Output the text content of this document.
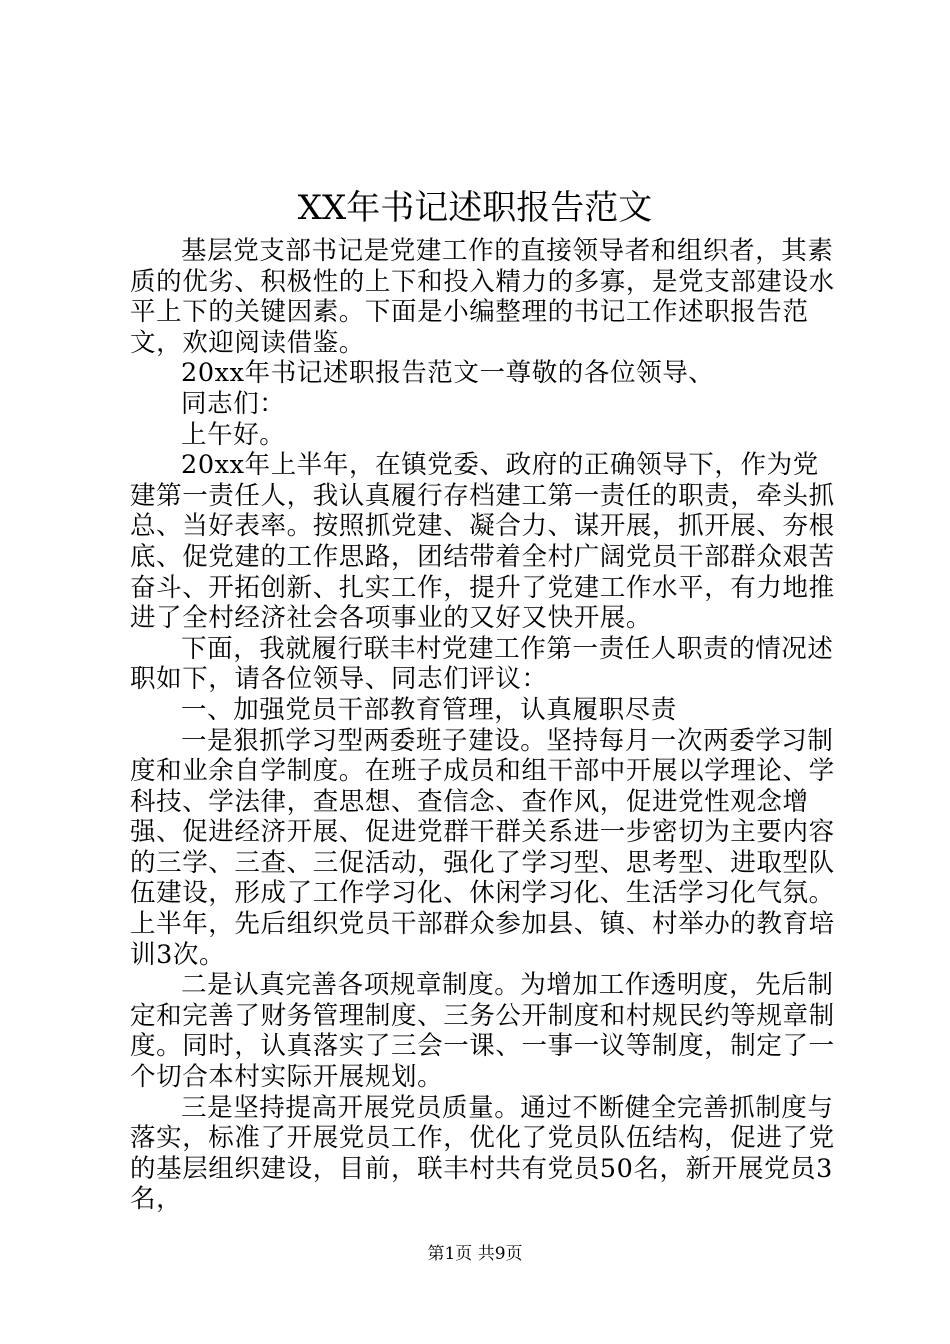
XX年书记述职报告范文

基层党支部书记是党建工作的直接领导者和组织者，其素质的优劣、积极性的上下和投入精力的多寡，是党支部建设水平上下的关键因素。下面是小编整理的书记工作述职报告范文，欢迎阅读借鉴。

20xx年书记述职报告范文一尊敬的各位领导、

同志们：

上午好。

20xx年上半年，在镇党委、政府的正确领导下，作为党建第一责任人，我认真履行存档建工第一责任的职责，牵头抓总、当好表率。按照抓党建、凝合力、谋开展，抓开展、夯根底、促党建的工作思路，团结带着全村广阔党员干部群众艰苦奋斗、开拓创新、扎实工作，提升了党建工作水平，有力地推进了全村经济社会各项事业的又好又快开展。

下面，我就履行联丰村党建工作第一责任人职责的情况述职如下，请各位领导、同志们评议：

一、加强党员干部教育管理，认真履职尽责

一是狠抓学习型两委班子建设。坚持每月一次两委学习制度和业余自学制度。在班子成员和组干部中开展以学理论、学科技、学法律，查思想、查信念、查作风，促进党性观念增强、促进经济开展、促进党群干群关系进一步密切为主要内容的三学、三查、三促活动，强化了学习型、思考型、进取型队伍建设，形成了工作学习化、休闲学习化、生活学习化气氛。上半年，先后组织党员干部群众参加县、镇、村举办的教育培训3次。

二是认真完善各项规章制度。为增加工作透明度，先后制定和完善了财务管理制度、三务公开制度和村规民约等规章制度。同时，认真落实了三会一课、一事一议等制度，制定了一个切合本村实际开展规划。

三是坚持提高开展党员质量。通过不断健全完善抓制度与落实，标准了开展党员工作，优化了党员队伍结构，促进了党的基层组织建设，目前，联丰村共有党员50名，新开展党员3名，

第1页 共9页
